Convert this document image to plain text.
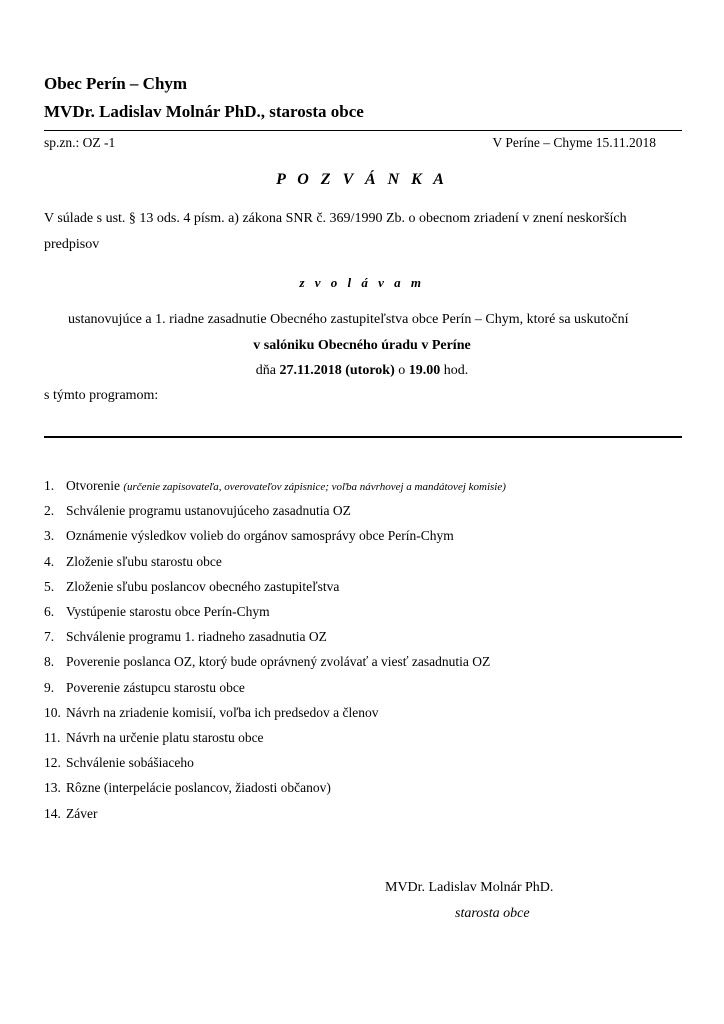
Obec Perín – Chym
MVDr. Ladislav Molnár PhD., starosta obce
sp.zn.: OZ -1	V Períne – Chyme 15.11.2018
P O Z V Á N K A
V súlade s ust. § 13 ods. 4 písm. a) zákona SNR č. 369/1990 Zb. o obecnom zriadení v znení neskorších
predpisov
z v o l á v a m
ustanovujúce a 1. riadne zasadnutie Obecného zastupiteľstva obce Perín – Chym, ktoré sa uskutoční
v salóniku Obecného úradu v Períne
dňa 27.11.2018 (utorok) o 19.00 hod.
s týmto programom:
1. Otvorenie (určenie zapisovateľa, overovateľov zápisnice; voľba návrhovej a mandátovej komisie)
2. Schválenie programu ustanovujúceho zasadnutia OZ
3. Oznámenie výsledkov volieb do orgánov samosprávy obce Perín-Chym
4. Zloženie sľubu starostu obce
5. Zloženie sľubu poslancov obecného zastupiteľstva
6. Vystúpenie starostu obce Perín-Chym
7. Schválenie programu 1. riadneho zasadnutia OZ
8. Poverenie poslanca OZ, ktorý bude oprávnený zvolávať a viesť zasadnutia OZ
9. Poverenie zástupcu starostu obce
10. Návrh na zriadenie komisií, voľba ich predsedov a členov
11. Návrh na určenie platu starostu obce
12. Schválenie sobášiaceho
13. Rôzne (interpelácie poslancov, žiadosti občanov)
14. Záver
MVDr. Ladislav Molnár PhD.
starosta obce
